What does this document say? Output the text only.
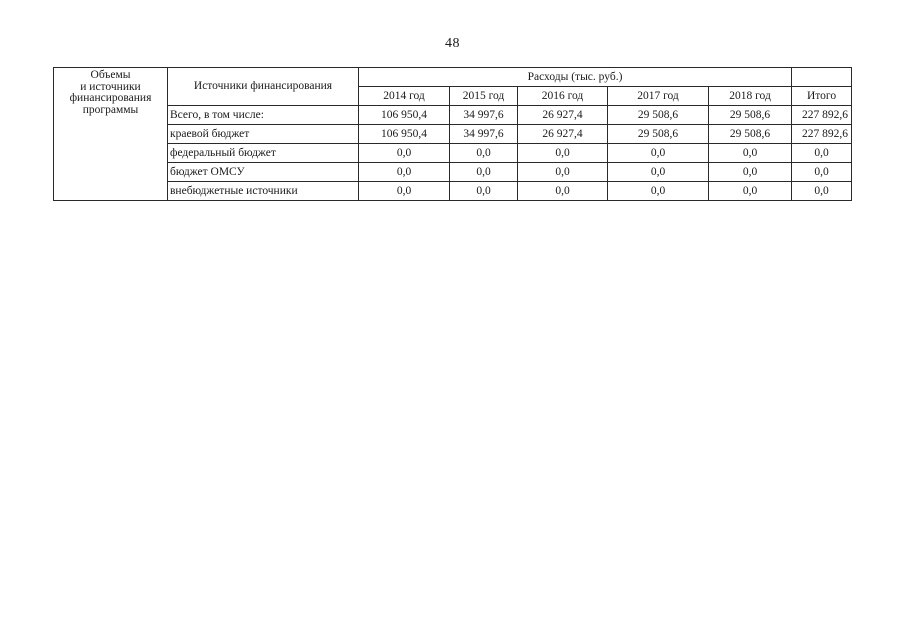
48
Объемы
и источники
финансирования
программы	Источники финансирования	Расходы (тыс. руб.)					
		2014 год	2015 год	2016 год	2017 год	2018 год	Итого
	Всего, в том числе:	106 950,4	34 997,6	26 927,4	29 508,6	29 508,6	227 892,6
	краевой бюджет	106 950,4	34 997,6	26 927,4	29 508,6	29 508,6	227 892,6
	федеральный бюджет	0,0	0,0	0,0	0,0	0,0	0,0
	бюджет ОМСУ	0,0	0,0	0,0	0,0	0,0	0,0
	внебюджетные источники	0,0	0,0	0,0	0,0	0,0	0,0
